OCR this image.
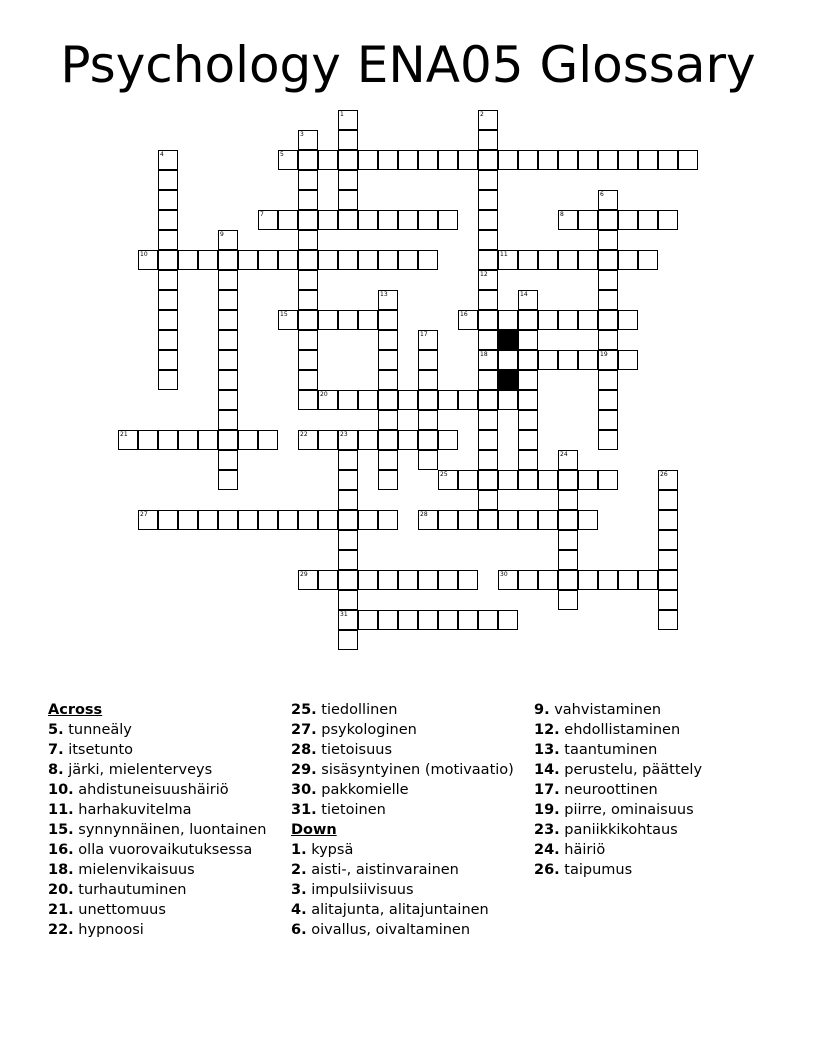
Psychology ENA05 Glossary
5
7	8
10	11
15	16
18	19
20
21	22	23
25
27	28
29	30
31
1	2
3
4
6
9
12
13	14
17
24
26
Across
5. tunneäly
7. itsetunto
8. järki, mielenterveys
10. ahdistuneisuushäiriö
11. harhakuvitelma
15. synnynnäinen, luontainen
16. olla vuorovaikutuksessa
18. mielenvikaisuus
20. turhautuminen
21. unettomuus
22. hypnoosi
25. tiedollinen
27. psykologinen
28. tietoisuus
29. sisäsyntyinen (motivaatio)
30. pakkomielle
31. tietoinen
Down
1. kypsä
2. aisti-, aistinvarainen
3. impulsiivisuus
4. alitajunta, alitajuntainen
6. oivallus, oivaltaminen
9. vahvistaminen
12. ehdollistaminen
13. taantuminen
14. perustelu, päättely
17. neuroottinen
19. piirre, ominaisuus
23. paniikkikohtaus
24. häiriö
26. taipumus
